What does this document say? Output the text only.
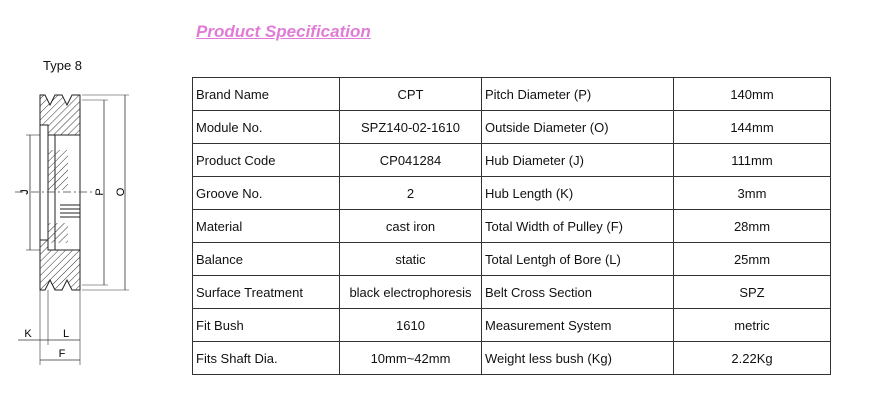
Product Specification
Type 8
J	P O
K	L
F
Brand Name	CPT	Pitch Diameter (P)	140mm
Module No.	SPZ140-02-1610	Outside Diameter (O)	144mm
Product Code	CP041284	Hub Diameter (J)	111mm
Groove No.	2	Hub Length (K)	3mm
Material	cast iron	Total Width of Pulley (F)	28mm
Balance	static	Total Lentgh of Bore (L)	25mm
Surface Treatment	black electrophoresis	Belt Cross Section	SPZ
Fit Bush	1610	Measurement System	metric
Fits Shaft Dia.	10mm~42mm	Weight less bush (Kg)	2.22Kg
